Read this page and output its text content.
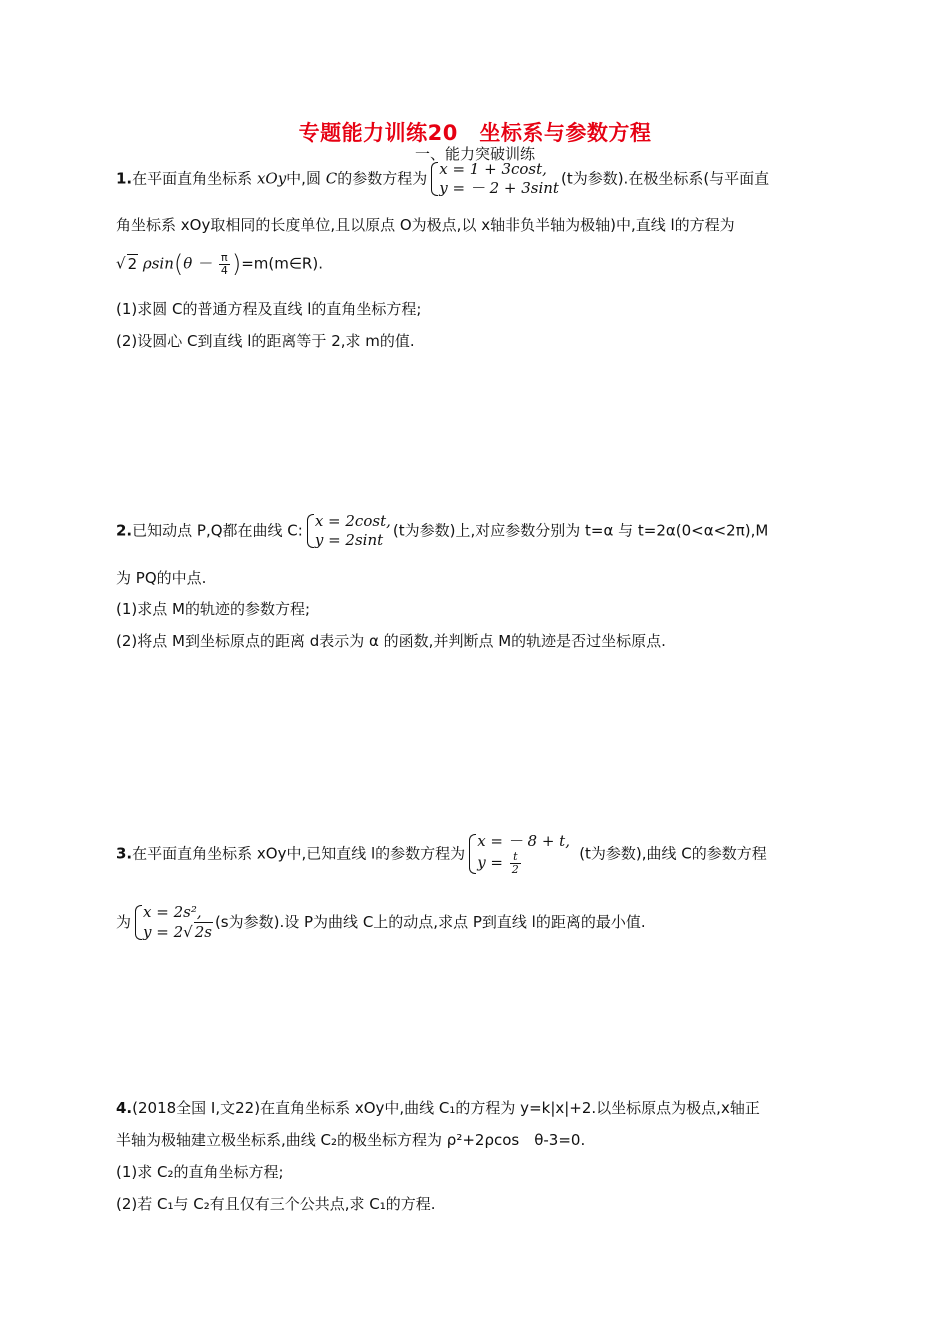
专题能力训练20　坐标系与参数方程
一、能力突破训练
1.在平面直角坐标系 xOy中,圆 C的参数方程为
x = 1 + 3cost,
y = － 2 + 3sint
(t为参数).在极坐标系(与平面直
角坐标系 xOy取相同的长度单位,且以原点 O为极点,以 x轴非负半轴为极轴)中,直线 l的方程为
√ 2 $\rho\sin(\theta - \frac{\pi}{4}$ )=m(m∈R).
(1)求圆 C的普通方程及直线 l的直角坐标方程;
(2)设圆心 C到直线 l的距离等于 2,求 m的值.
2.已知动点 P,Q都在曲线 C:
x = 2cost,
y = 2sint
(t为参数)上,对应参数分别为 t=α 与 t=2α(0<α<2π),M
为 PQ的中点.
(1)求点 M的轨迹的参数方程;
(2)将点 M到坐标原点的距离 d表示为 α 的函数,并判断点 M的轨迹是否过坐标原点.
3.在平面直角坐标系 xOy中,已知直线 l的参数方程为
x = － 8 + t,
$y = \frac{t}{2}$	(t为参数),曲线 C的参数方程
为
x = 2s²,
y = 2√ 2s
(s为参数).设 P为曲线 C上的动点,求点 P到直线 l的距离的最小值.
4.(2018全国 Ⅰ,文22)在直角坐标系 xOy中,曲线 C₁的方程为 y=k|x|+2.以坐标原点为极点,x轴正
半轴为极轴建立极坐标系,曲线 C₂的极坐标方程为 ρ²+2ρcos　θ-3=0.
(1)求 C₂的直角坐标方程;
(2)若 C₁与 C₂有且仅有三个公共点,求 C₁的方程.
